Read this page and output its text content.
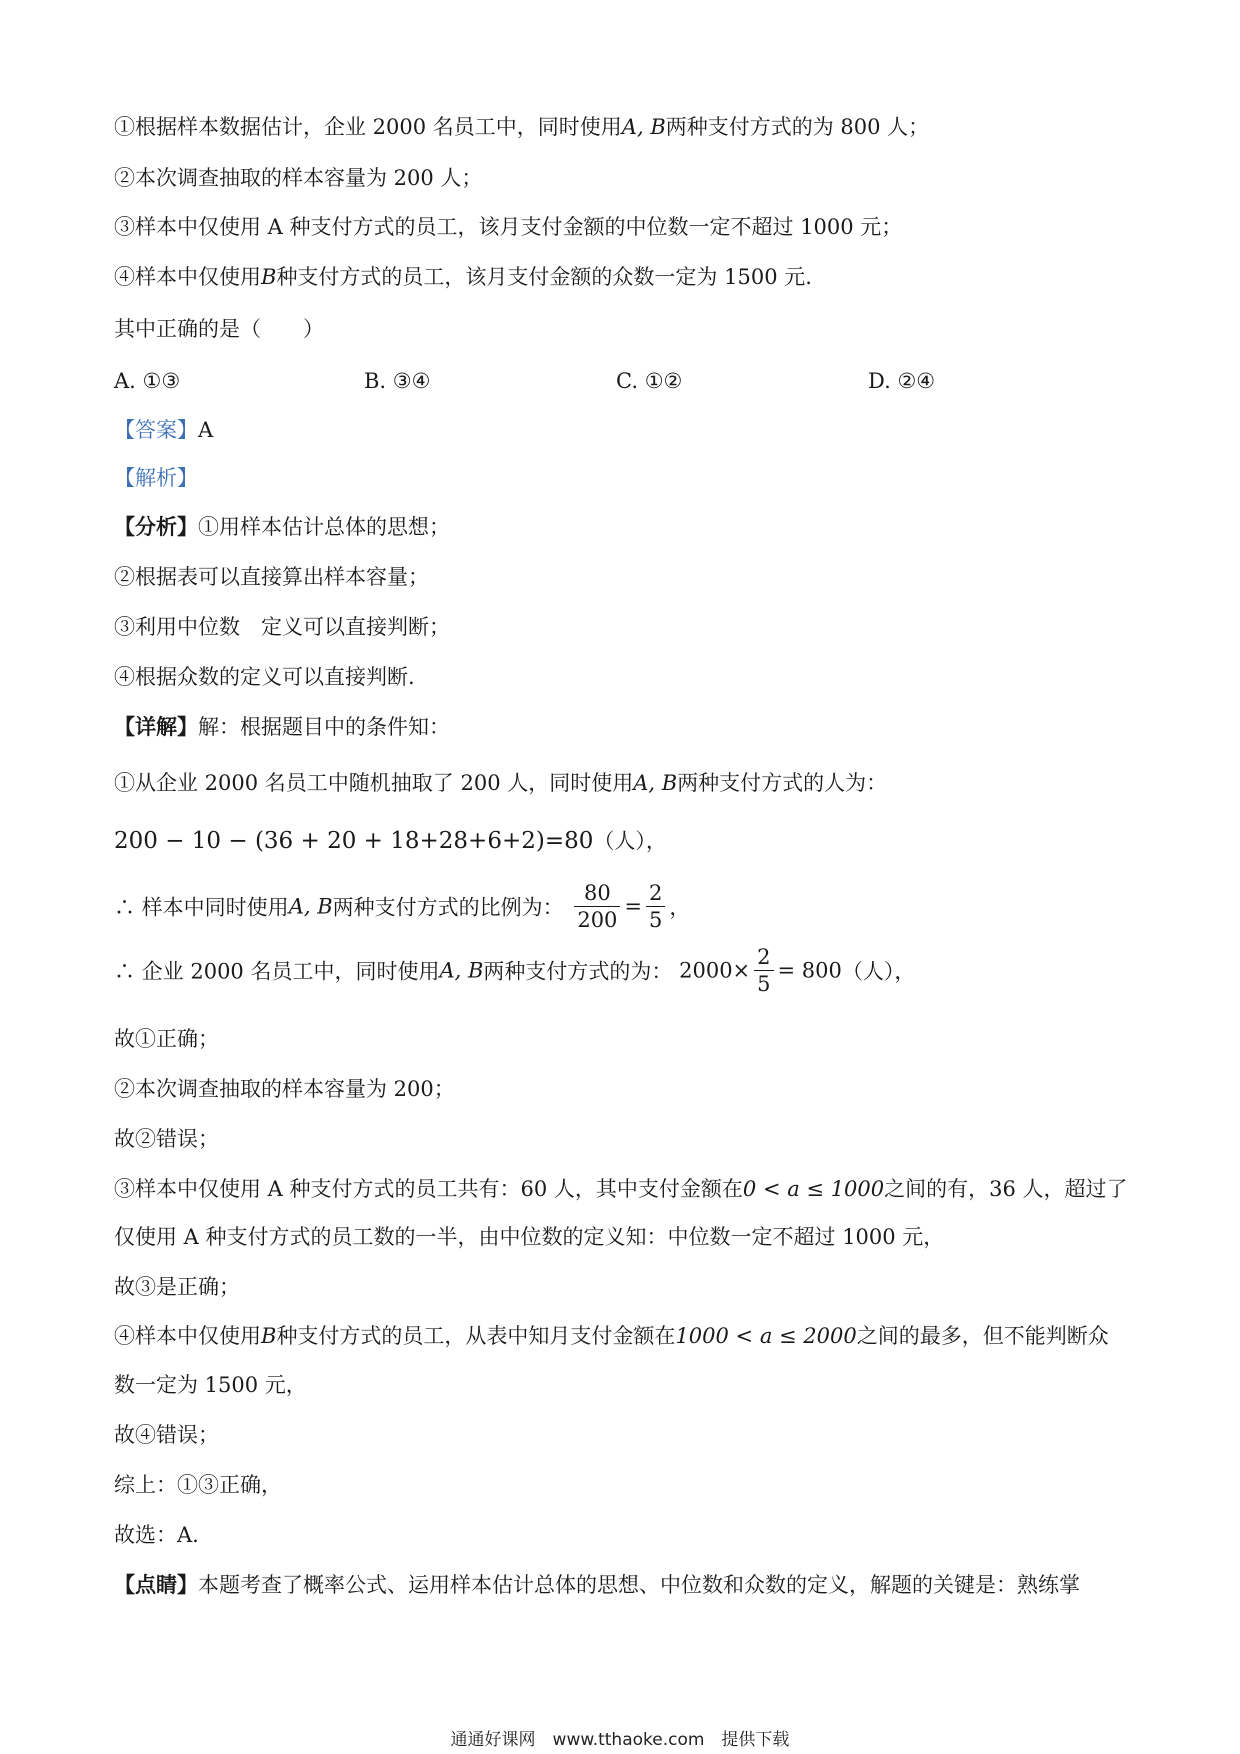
①根据样本数据估计，企业 2000 名员工中，同时使用A, B两种支付方式的为 800 人；
②本次调查抽取的样本容量为 200 人；
③样本中仅使用 A 种支付方式的员工，该月支付金额的中位数一定不超过 1000 元；
④样本中仅使用B种支付方式的员工，该月支付金额的众数一定为 1500 元.
其中正确的是（　　）
A. ①③	B. ③④	C. ①②	D. ②④
【答案】A
【解析】
【分析】①用样本估计总体的思想；
②根据表可以直接算出样本容量；
③利用中位数　定义可以直接判断；
④根据众数的定义可以直接判断.
【详解】解：根据题目中的条件知：
①从企业 2000 名员工中随机抽取了 200 人，同时使用A, B两种支付方式的人为：
200 − 10 − (36 + 20 + 18+28+6+2)=80（人），
∴ 样本中同时使用A, B两种支付方式的比例为： $\frac{80}{200} = \frac{2}{5}$ ，
∴ 企业 2000 名员工中，同时使用A, B两种支付方式的为： $2000\times \frac{2}{5} = 800$（人），
故①正确；
②本次调查抽取的样本容量为 200；
故②错误；
③样本中仅使用 A 种支付方式的员工共有：60 人，其中支付金额在0 < a ≤ 1000之间的有，36 人，超过了
仅使用 A 种支付方式的员工数的一半，由中位数的定义知：中位数一定不超过 1000 元，
故③是正确；
④样本中仅使用B种支付方式的员工，从表中知月支付金额在1000 < a ≤ 2000之间的最多，但不能判断众
数一定为 1500 元，
故④错误；
综上：①③正确，
故选：A.
【点睛】本题考查了概率公式、运用样本估计总体的思想、中位数和众数的定义，解题的关键是：熟练掌
通通好课网　www.tthaoke.com　提供下载
